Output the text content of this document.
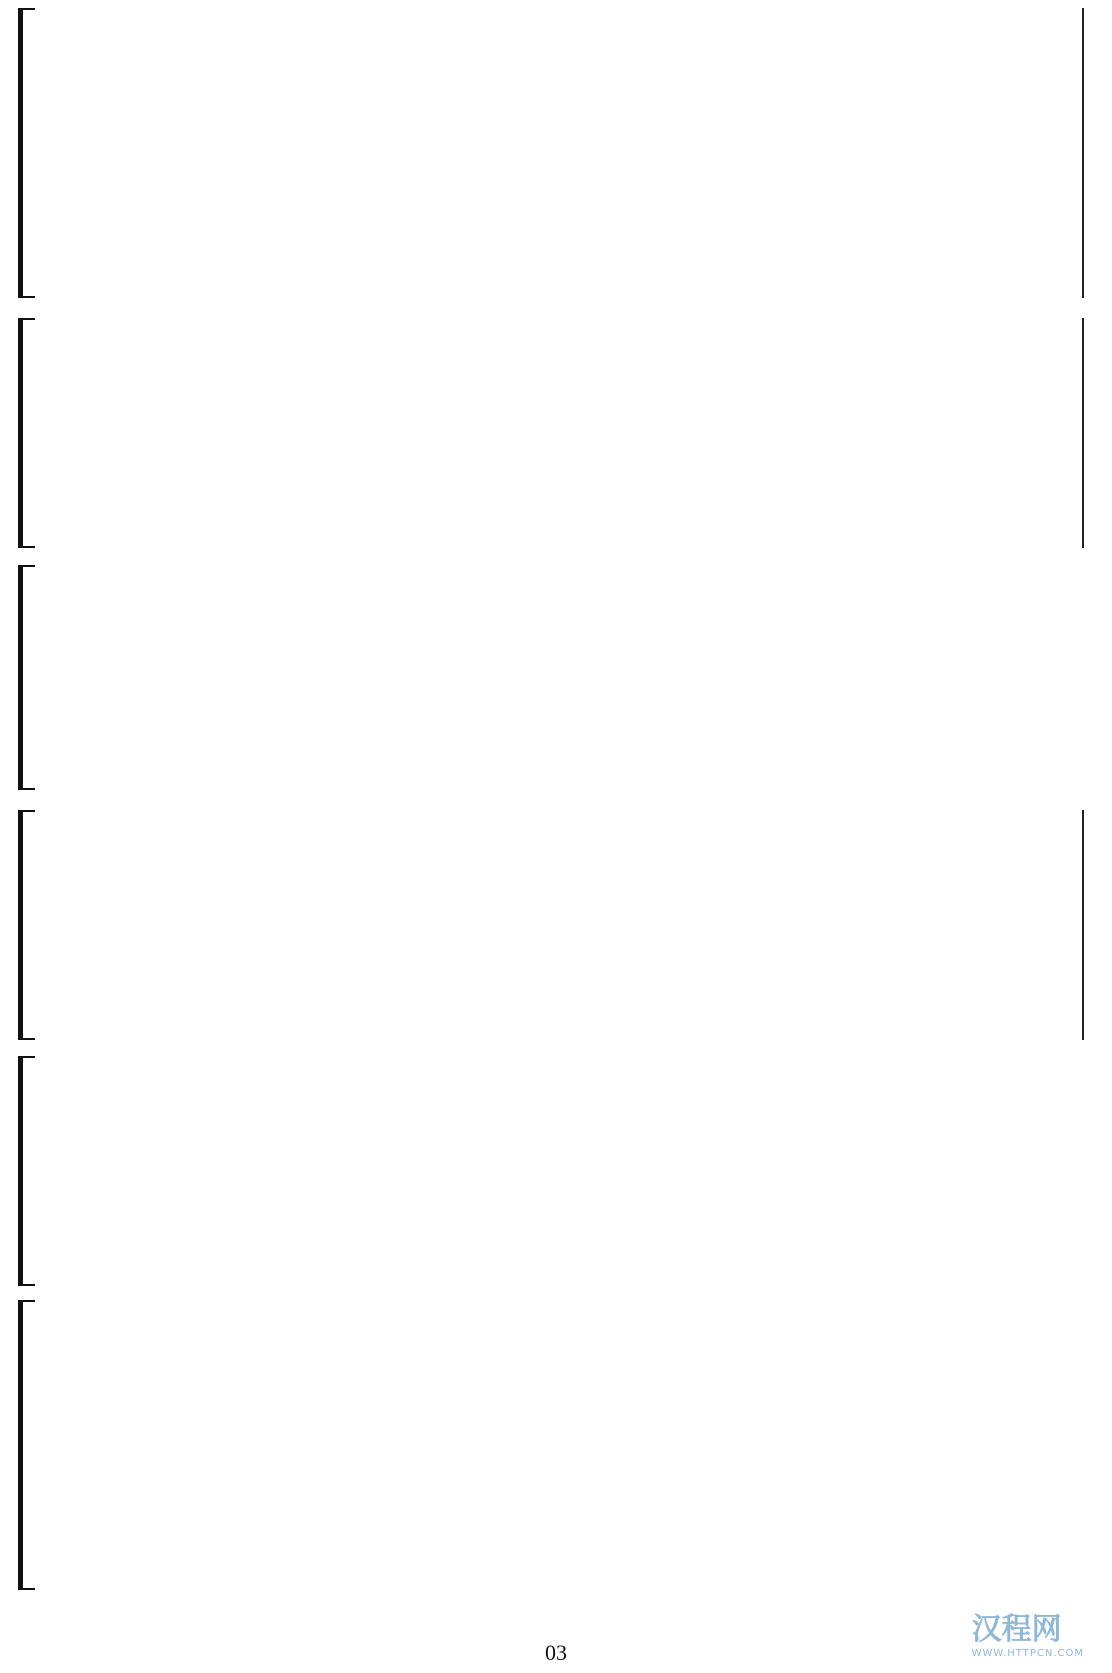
03
汉程网
WWW.HTTPCN.COM
